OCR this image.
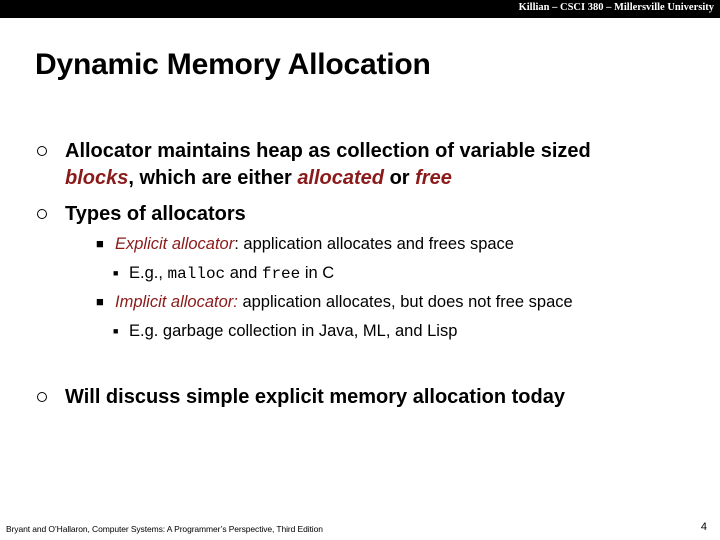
Killian – CSCI 380 – Millersville University
Dynamic Memory Allocation
Allocator maintains heap as collection of variable sized
blocks, which are either allocated or free
Types of allocators
■ Explicit allocator: application allocates and frees space
■ E.g., malloc and free in C
■ Implicit allocator: application allocates, but does not free space
■ E.g. garbage collection in Java, ML, and Lisp
Will discuss simple explicit memory allocation today
Bryant and O’Hallaron, Computer Systems: A Programmer’s Perspective, Third Edition	4
